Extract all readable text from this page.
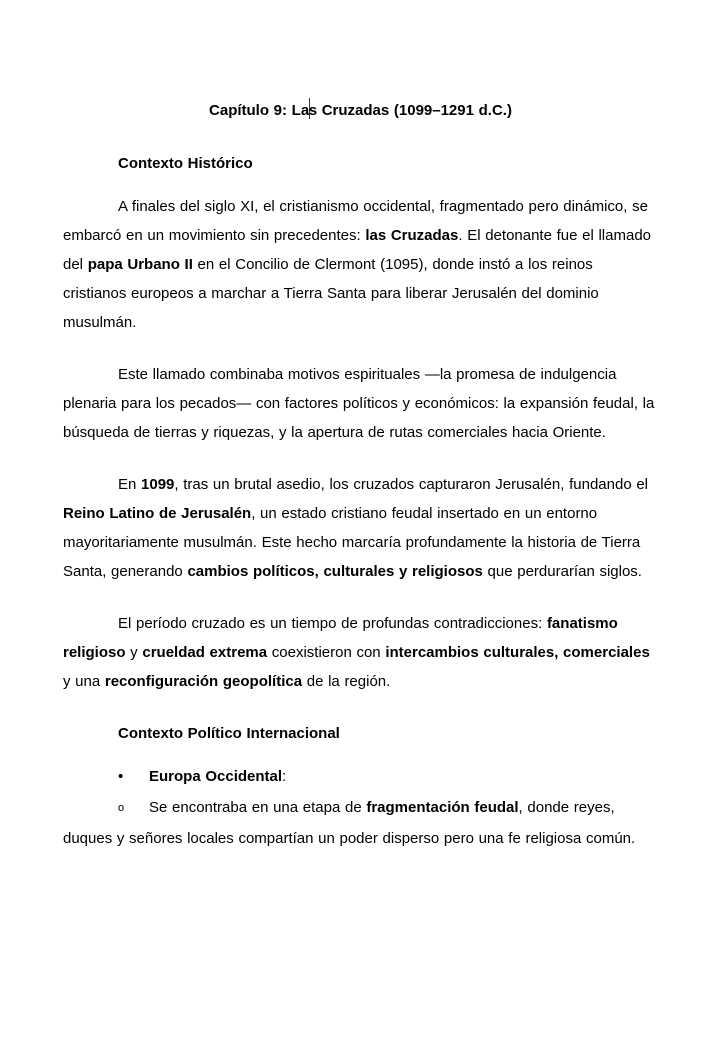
Capítulo 9: Las Cruzadas (1099–1291 d.C.)

Contexto Histórico

A finales del siglo XI, el cristianismo occidental, fragmentado pero dinámico, se embarcó en un movimiento sin precedentes: las Cruzadas. El detonante fue el llamado del papa Urbano II en el Concilio de Clermont (1095), donde instó a los reinos cristianos europeos a marchar a Tierra Santa para liberar Jerusalén del dominio musulmán.

Este llamado combinaba motivos espirituales —la promesa de indulgencia plenaria para los pecados— con factores políticos y económicos: la expansión feudal, la búsqueda de tierras y riquezas, y la apertura de rutas comerciales hacia Oriente.

En 1099, tras un brutal asedio, los cruzados capturaron Jerusalén, fundando el Reino Latino de Jerusalén, un estado cristiano feudal insertado en un entorno mayoritariamente musulmán. Este hecho marcaría profundamente la historia de Tierra Santa, generando cambios políticos, culturales y religiosos que perdurarían siglos.

El período cruzado es un tiempo de profundas contradicciones: fanatismo religioso y crueldad extrema coexistieron con intercambios culturales, comerciales y una reconfiguración geopolítica de la región.

Contexto Político Internacional

• Europa Occidental:

o Se encontraba en una etapa de fragmentación feudal, donde reyes, duques y señores locales compartían un poder disperso pero una fe religiosa común.
